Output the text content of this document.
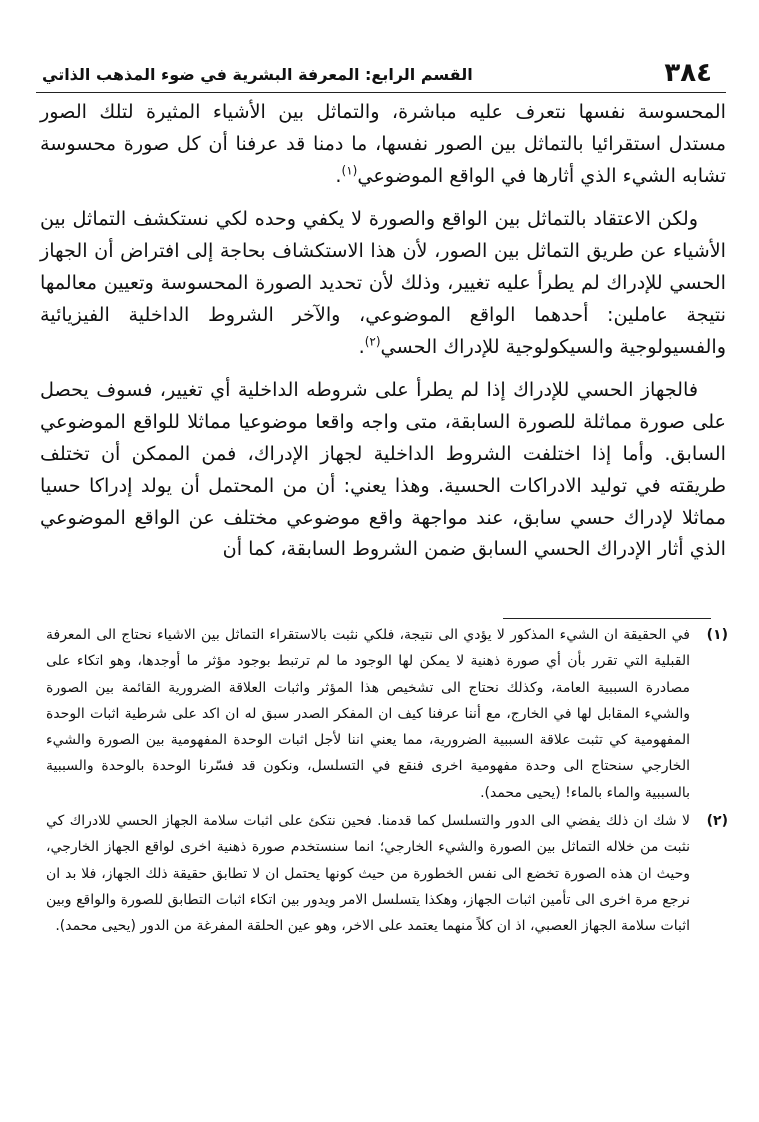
٣٨٤
القسم الرابع: المعرفة البشرية في ضوء المذهب الذاتي

المحسوسة نفسها نتعرف عليه مباشرة، والتماثل بين الأشياء المثيرة لتلك الصور مستدل استقرائيا بالتماثل بين الصور نفسها، ما دمنا قد عرفنا أن كل صورة محسوسة تشابه الشيء الذي أثارها في الواقع الموضوعي$^{(١)}$.

ولكن الاعتقاد بالتماثل بين الواقع والصورة لا يكفي وحده لكي نستكشف التماثل بين الأشياء عن طريق التماثل بين الصور، لأن هذا الاستكشاف بحاجة إلى افتراض أن الجهاز الحسي للإدراك لم يطرأ عليه تغيير، وذلك لأن تحديد الصورة المحسوسة وتعيين معالمها نتيجة عاملين: أحدهما الواقع الموضوعي، والآخر الشروط الداخلية الفيزيائية والفسيولوجية والسيكولوجية للإدراك الحسي$^{(٢)}$.

فالجهاز الحسي للإدراك إذا لم يطرأ على شروطه الداخلية أي تغيير، فسوف يحصل على صورة مماثلة للصورة السابقة، متى واجه واقعا موضوعيا مماثلا للواقع الموضوعي السابق. وأما إذا اختلفت الشروط الداخلية لجهاز الإدراك، فمن الممكن أن تختلف طريقته في توليد الادراكات الحسية. وهذا يعني: أن من المحتمل أن يولد إدراكا حسيا مماثلا لإدراك حسي سابق، عند مواجهة واقع موضوعي مختلف عن الواقع الموضوعي الذي أثار الإدراك الحسي السابق ضمن الشروط السابقة، كما أن

(١)
في الحقيقة ان الشيء المذكور لا يؤدي الى نتيجة، فلكي نثبت بالاستقراء التماثل بين الاشياء نحتاج الى المعرفة القبلية التي تقرر بأن أي صورة ذهنية لا يمكن لها الوجود ما لم ترتبط بوجود مؤثر ما أوجدها، وهو اتكاء على مصادرة السببية العامة، وكذلك نحتاج الى تشخيص هذا المؤثر واثبات العلاقة الضرورية القائمة بين الصورة والشيء المقابل لها في الخارج، مع أننا عرفنا كيف ان المفكر الصدر سبق له ان اكد على شرطية اثبات الوحدة المفهومية كي تثبت علاقة السببية الضرورية، مما يعني اننا لأجل اثبات الوحدة المفهومية بين الصورة والشيء الخارجي سنحتاج الى وحدة مفهومية اخرى فنقع في التسلسل، ونكون قد فسّرنا الوحدة بالوحدة والسببية بالسببية والماء بالماء! (يحيى محمد).

(٢)
لا شك ان ذلك يفضي الى الدور والتسلسل كما قدمنا. فحين نتكئ على اثبات سلامة الجهاز الحسي للادراك كي نثبت من خلاله التماثل بين الصورة والشيء الخارجي؛ انما سنستخدم صورة ذهنية اخرى لواقع الجهاز الخارجي، وحيث ان هذه الصورة تخضع الى نفس الخطورة من حيث كونها يحتمل ان لا تطابق حقيقة ذلك الجهاز، فلا بد ان نرجع مرة اخرى الى تأمين اثبات الجهاز، وهكذا يتسلسل الامر ويدور بين اتكاء اثبات التطابق للصورة والواقع وبين اثبات سلامة الجهاز العصبي، اذ ان كلاً منهما يعتمد على الاخر، وهو عين الحلقة المفرغة من الدور (يحيى محمد).
